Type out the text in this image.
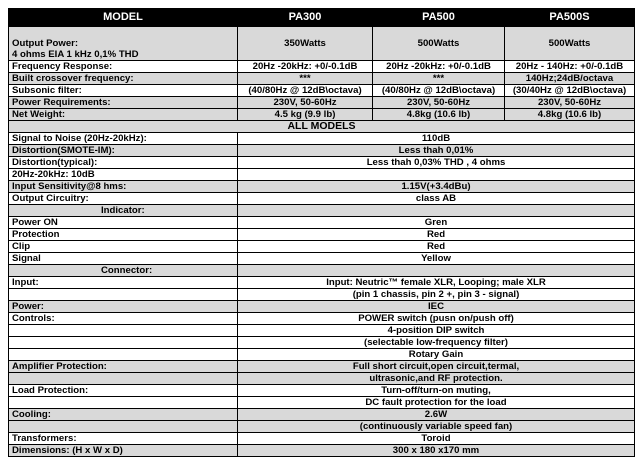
MODEL	PA300	PA500	PA500S

Output Power:
4 ohms EIA 1 kHz 0,1% THD	350Watts	500Watts	500Watts
Frequency Response:	20Hz -20kHz: +0/-0.1dB	20Hz -20kHz: +0/-0.1dB	20Hz - 140Hz: +0/-0.1dB
Built crossover frequency:	***	***	140Hz;24dB/octava
Subsonic filter:	(40/80Hz @ 12dB\octava)	(40/80Hz @ 12dB\octava)	(30/40Hz @ 12dB\octava)
Power Requirements:	230V, 50-60Hz	230V, 50-60Hz	230V, 50-60Hz
Net Weight:	4.5 kg (9.9 lb)	4.8kg (10.6 lb)	4.8kg (10.6 lb)
ALL MODELS			
Signal to Noise (20Hz-20kHz):	110dB		
Distortion(SMOTE-IM):	Less thah 0,01%		
Distortion(typical):	Less thah 0,03% THD , 4 ohms		
20Hz-20kHz: 10dB			
Input Sensitivity@8 hms:	1.15V(+3.4dBu)		
Output Circuitry:	class AB		
Indicator:			
Power ON	Gren		
Protection	Red		
Clip	Red		
Signal	Yellow		
Connector:			
Input:	Input: Neutric™ female XLR, Looping; male XLR		
	(pin 1 chassis, pin 2 +, pin 3 - signal)		
Power:	IEC		
Controls:	POWER switch (pusn on/push off)		
	4-position DIP switch		
	(selectable low-frequency filter)		
	Rotary Gain		
Amplifier Protection:	Full short circuit,open circuit,termal,		
	ultrasonic,and RF protection.		
Load Protection:	Turn-off/turn-on muting,		
	DC fault protection for the load		
Cooling:	2.6W		
	(continuously variable speed fan)		
Transformers:	Toroid		
Dimensions: (H x W x D)	300 x 180 x170 mm		
